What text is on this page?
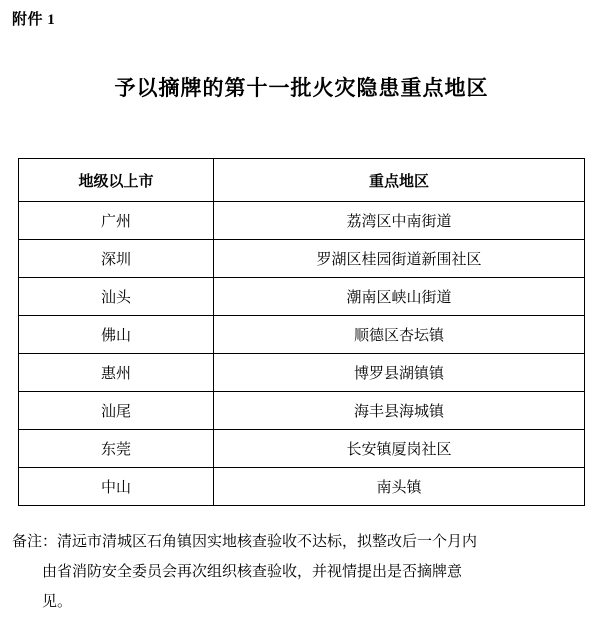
附件 1
予以摘牌的第十一批火灾隐患重点地区
地级以上市	重点地区
广州	荔湾区中南街道
深圳	罗湖区桂园街道新围社区
汕头	潮南区峡山街道
佛山	顺德区杏坛镇
惠州	博罗县湖镇镇
汕尾	海丰县海城镇
东莞	长安镇厦岗社区
中山	南头镇
备注：清远市清城区石角镇因实地核查验收不达标，拟整改后一个月内
由省消防安全委员会再次组织核查验收，并视情提出是否摘牌意
见。
